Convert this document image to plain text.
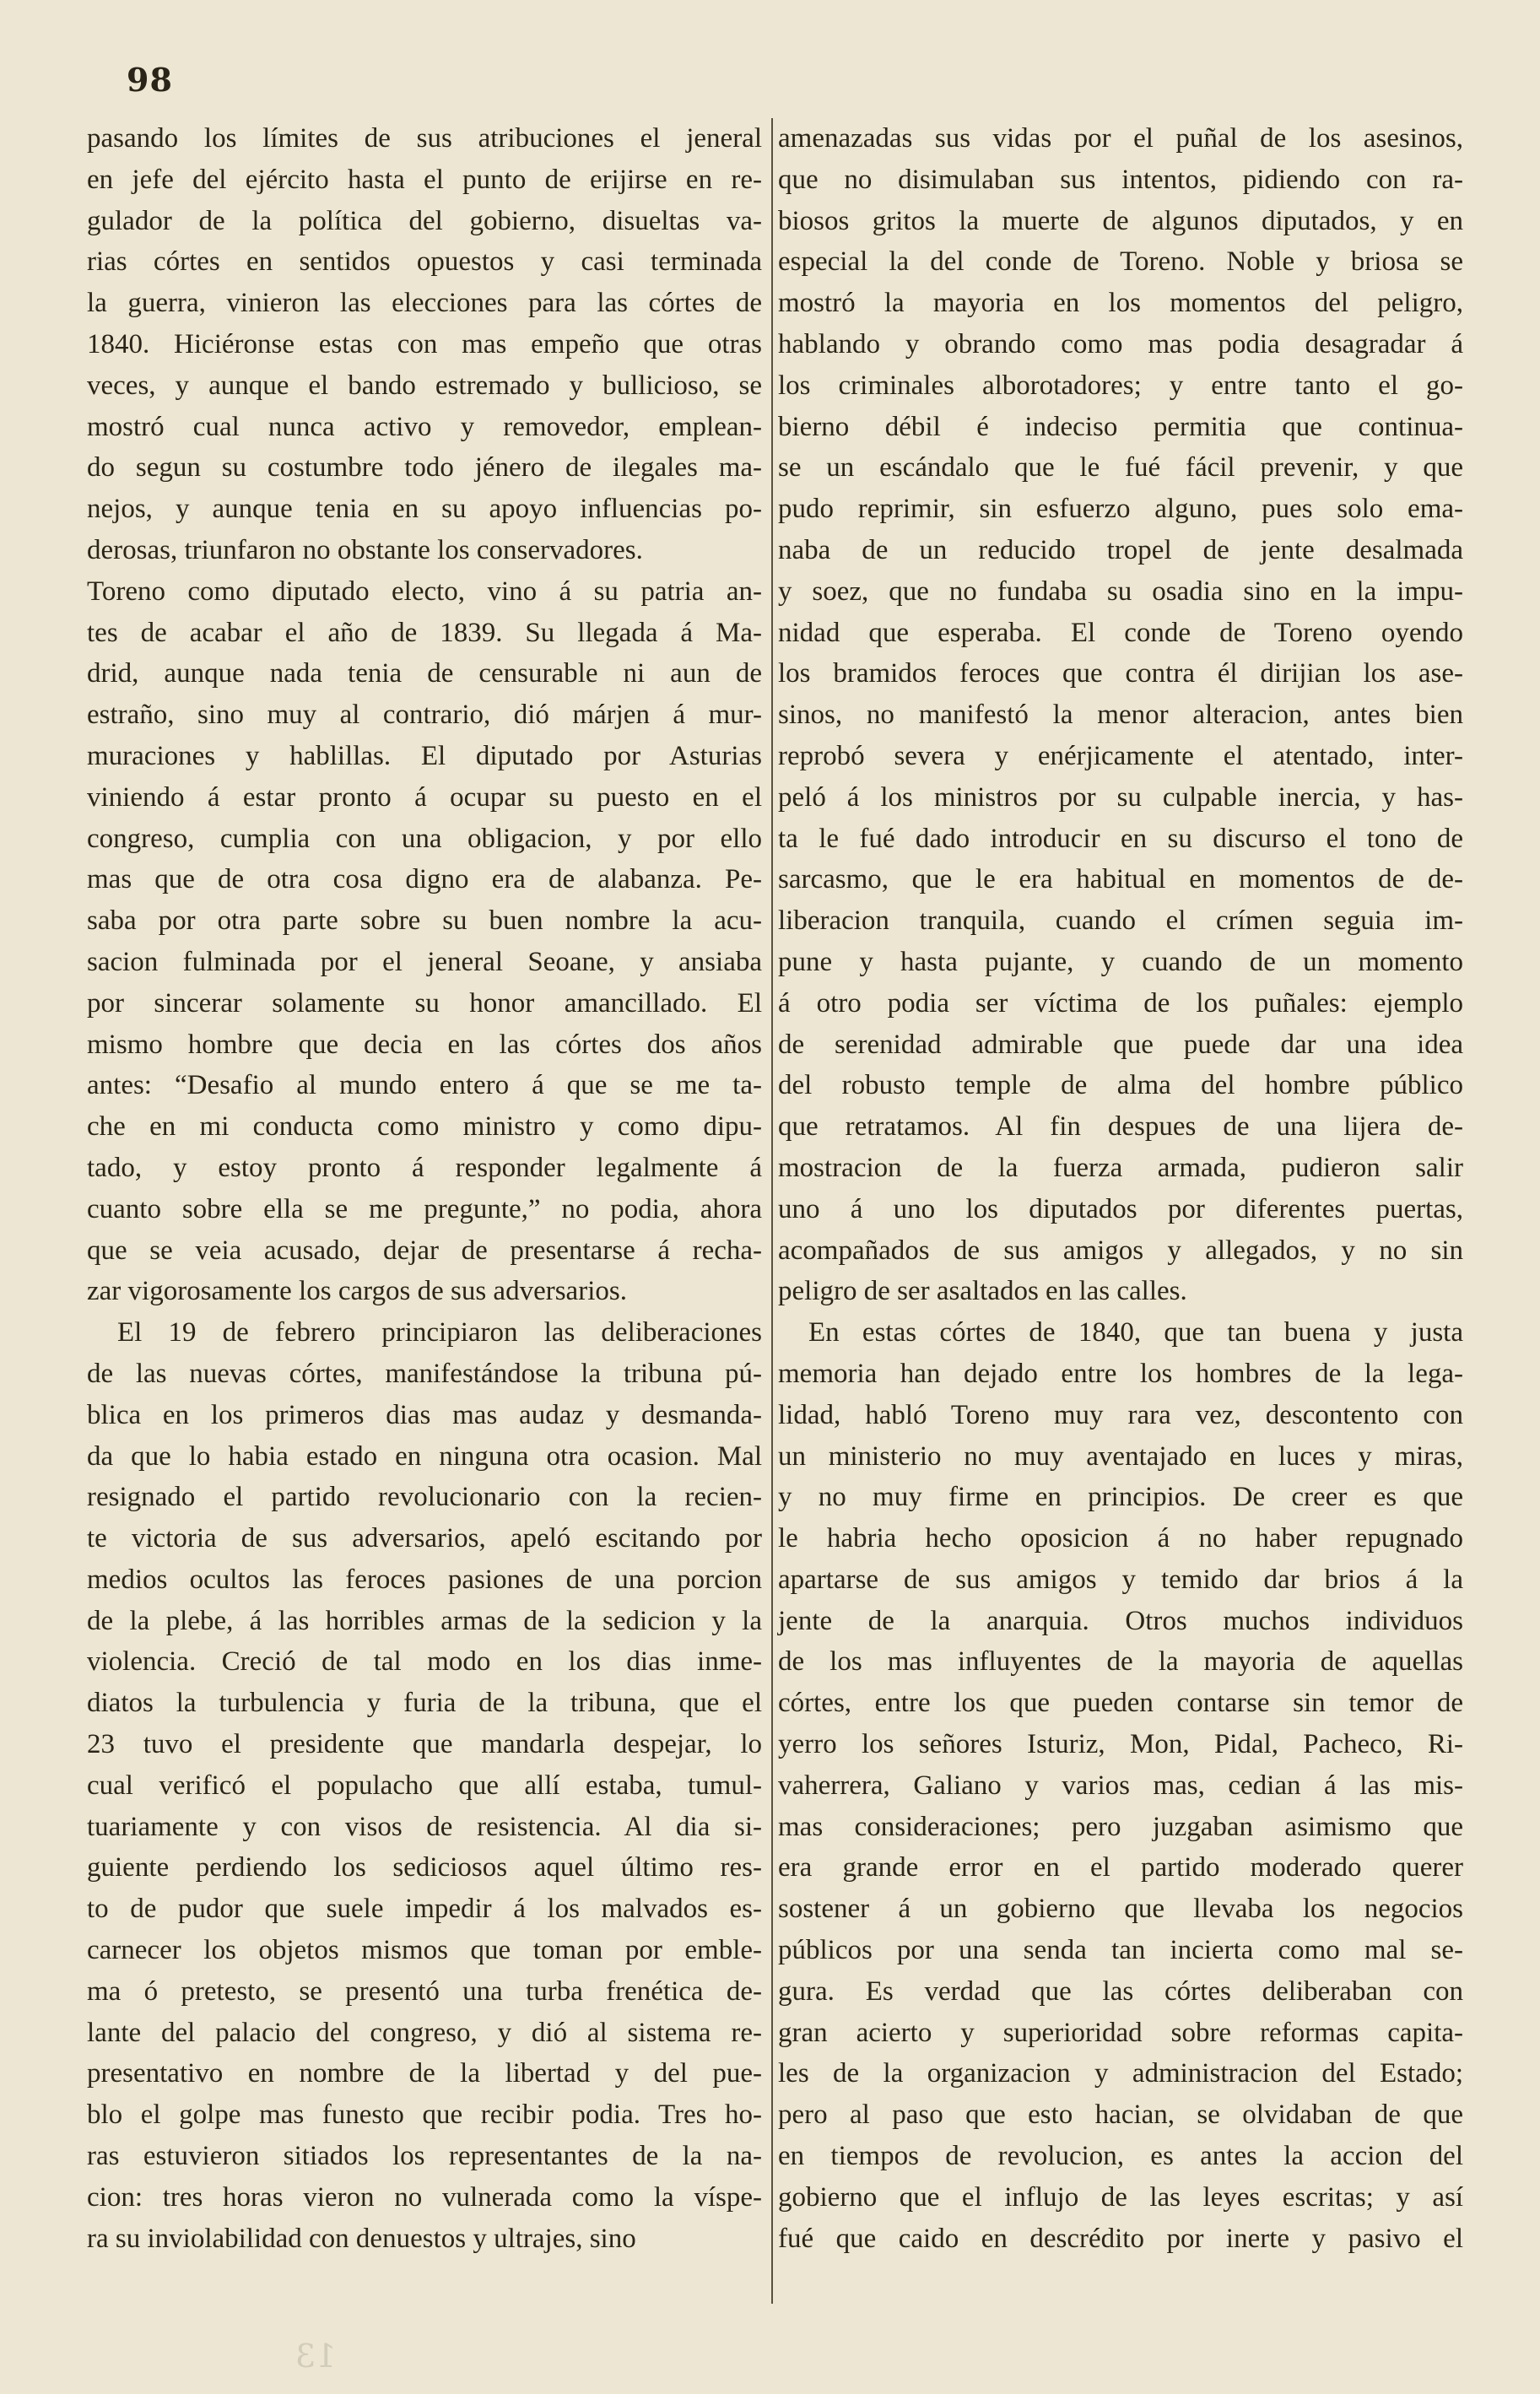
98
pasando los límites de sus atribuciones el jeneral
en jefe del ejército hasta el punto de erijirse en re-
gulador de la política del gobierno, disueltas va-
rias córtes en sentidos opuestos y casi terminada
la guerra, vinieron las elecciones para las córtes de
1840. Hiciéronse estas con mas empeño que otras
veces, y aunque el bando estremado y bullicioso, se
mostró cual nunca activo y removedor, emplean-
do segun su costumbre todo jénero de ilegales ma-
nejos, y aunque tenia en su apoyo influencias po-
derosas, triunfaron no obstante los conservadores.
Toreno como diputado electo, vino á su patria an-
tes de acabar el año de 1839. Su llegada á Ma-
drid, aunque nada tenia de censurable ni aun de
estraño, sino muy al contrario, dió márjen á mur-
muraciones y hablillas. El diputado por Asturias
viniendo á estar pronto á ocupar su puesto en el
congreso, cumplia con una obligacion, y por ello
mas que de otra cosa digno era de alabanza. Pe-
saba por otra parte sobre su buen nombre la acu-
sacion fulminada por el jeneral Seoane, y ansiaba
por sincerar solamente su honor amancillado. El
mismo hombre que decia en las córtes dos años
antes: “Desafio al mundo entero á que se me ta-
che en mi conducta como ministro y como dipu-
tado, y estoy pronto á responder legalmente á
cuanto sobre ella se me pregunte,” no podia, ahora
que se veia acusado, dejar de presentarse á recha-
zar vigorosamente los cargos de sus adversarios.
El 19 de febrero principiaron las deliberaciones
de las nuevas córtes, manifestándose la tribuna pú-
blica en los primeros dias mas audaz y desmanda-
da que lo habia estado en ninguna otra ocasion. Mal
resignado el partido revolucionario con la recien-
te victoria de sus adversarios, apeló escitando por
medios ocultos las feroces pasiones de una porcion
de la plebe, á las horribles armas de la sedicion y la
violencia. Creció de tal modo en los dias inme-
diatos la turbulencia y furia de la tribuna, que el
23 tuvo el presidente que mandarla despejar, lo
cual verificó el populacho que allí estaba, tumul-
tuariamente y con visos de resistencia. Al dia si-
guiente perdiendo los sediciosos aquel último res-
to de pudor que suele impedir á los malvados es-
carnecer los objetos mismos que toman por emble-
ma ó pretesto, se presentó una turba frenética de-
lante del palacio del congreso, y dió al sistema re-
presentativo en nombre de la libertad y del pue-
blo el golpe mas funesto que recibir podia. Tres ho-
ras estuvieron sitiados los representantes de la na-
cion: tres horas vieron no vulnerada como la víspe-
ra su inviolabilidad con denuestos y ultrajes, sino
amenazadas sus vidas por el puñal de los asesinos,
que no disimulaban sus intentos, pidiendo con ra-
biosos gritos la muerte de algunos diputados, y en
especial la del conde de Toreno. Noble y briosa se
mostró la mayoria en los momentos del peligro,
hablando y obrando como mas podia desagradar á
los criminales alborotadores; y entre tanto el go-
bierno débil é indeciso permitia que continua-
se un escándalo que le fué fácil prevenir, y que
pudo reprimir, sin esfuerzo alguno, pues solo ema-
naba de un reducido tropel de jente desalmada
y soez, que no fundaba su osadia sino en la impu-
nidad que esperaba. El conde de Toreno oyendo
los bramidos feroces que contra él dirijian los ase-
sinos, no manifestó la menor alteracion, antes bien
reprobó severa y enérjicamente el atentado, inter-
peló á los ministros por su culpable inercia, y has-
ta le fué dado introducir en su discurso el tono de
sarcasmo, que le era habitual en momentos de de-
liberacion tranquila, cuando el crímen seguia im-
pune y hasta pujante, y cuando de un momento
á otro podia ser víctima de los puñales: ejemplo
de serenidad admirable que puede dar una idea
del robusto temple de alma del hombre público
que retratamos. Al fin despues de una lijera de-
mostracion de la fuerza armada, pudieron salir
uno á uno los diputados por diferentes puertas,
acompañados de sus amigos y allegados, y no sin
peligro de ser asaltados en las calles.
En estas córtes de 1840, que tan buena y justa
memoria han dejado entre los hombres de la lega-
lidad, habló Toreno muy rara vez, descontento con
un ministerio no muy aventajado en luces y miras,
y no muy firme en principios. De creer es que
le habria hecho oposicion á no haber repugnado
apartarse de sus amigos y temido dar brios á la
jente de la anarquia. Otros muchos individuos
de los mas influyentes de la mayoria de aquellas
córtes, entre los que pueden contarse sin temor de
yerro los señores Isturiz, Mon, Pidal, Pacheco, Ri-
vaherrera, Galiano y varios mas, cedian á las mis-
mas consideraciones; pero juzgaban asimismo que
era grande error en el partido moderado querer
sostener á un gobierno que llevaba los negocios
públicos por una senda tan incierta como mal se-
gura. Es verdad que las córtes deliberaban con
gran acierto y superioridad sobre reformas capita-
les de la organizacion y administracion del Estado;
pero al paso que esto hacian, se olvidaban de que
en tiempos de revolucion, es antes la accion del
gobierno que el influjo de las leyes escritas; y así
fué que caido en descrédito por inerte y pasivo el
13
